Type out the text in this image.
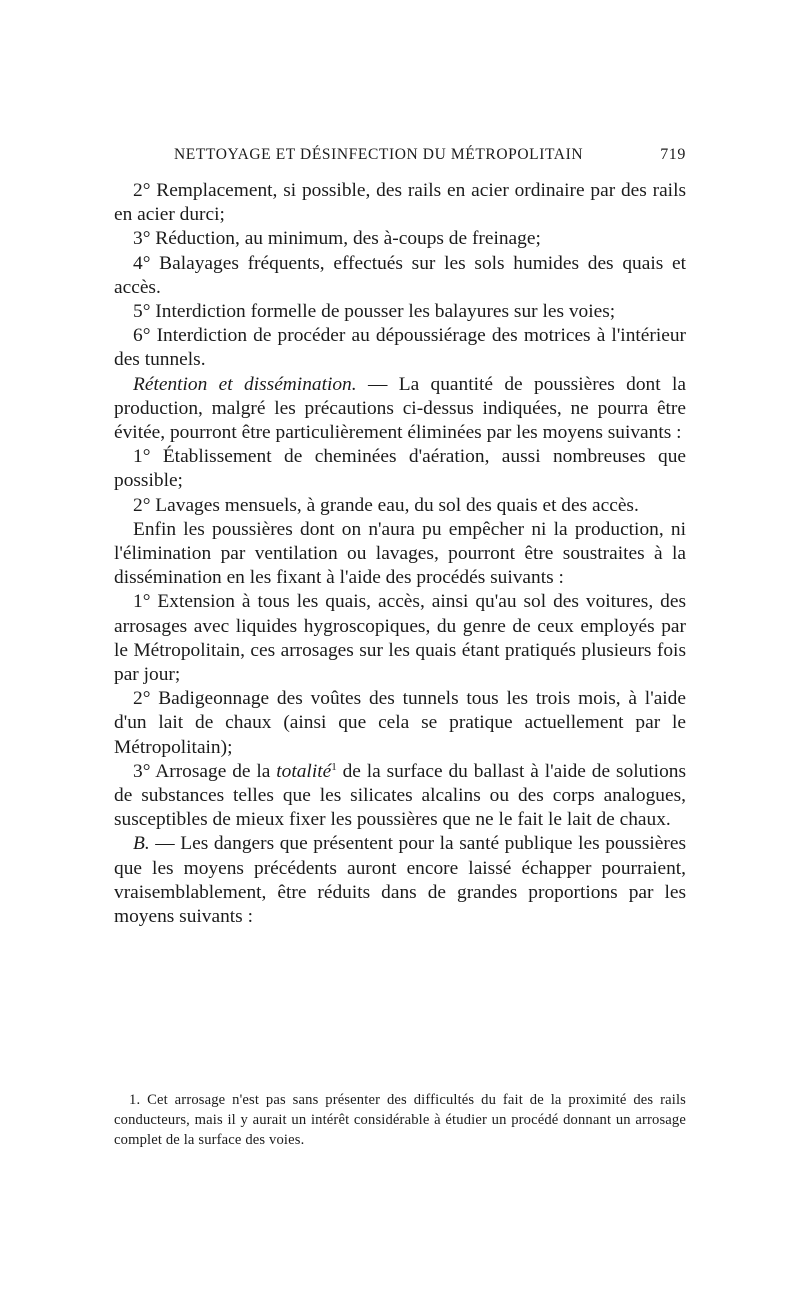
NETTOYAGE ET DÉSINFECTION DU MÉTROPOLITAIN	719

2° Remplacement, si possible, des rails en acier ordinaire par des rails en acier durci;

3° Réduction, au minimum, des à-coups de freinage;

4° Balayages fréquents, effectués sur les sols humides des quais et accès.

5° Interdiction formelle de pousser les balayures sur les voies;

6° Interdiction de procéder au dépoussiérage des motrices à l'intérieur des tunnels.

Rétention et dissémination. — La quantité de poussières dont la production, malgré les précautions ci-dessus indiquées, ne pourra être évitée, pourront être particulièrement éliminées par les moyens suivants :

1° Établissement de cheminées d'aération, aussi nombreuses que possible;

2° Lavages mensuels, à grande eau, du sol des quais et des accès.

Enfin les poussières dont on n'aura pu empêcher ni la production, ni l'élimination par ventilation ou lavages, pourront être soustraites à la dissémination en les fixant à l'aide des procédés suivants :

1° Extension à tous les quais, accès, ainsi qu'au sol des voitures, des arrosages avec liquides hygroscopiques, du genre de ceux employés par le Métropolitain, ces arrosages sur les quais étant pratiqués plusieurs fois par jour;

2° Badigeonnage des voûtes des tunnels tous les trois mois, à l'aide d'un lait de chaux (ainsi que cela se pratique actuellement par le Métropolitain);

3° Arrosage de la totalité$^1$ de la surface du ballast à l'aide de solutions de substances telles que les silicates alcalins ou des corps analogues, susceptibles de mieux fixer les poussières que ne le fait le lait de chaux.

B. — Les dangers que présentent pour la santé publique les poussières que les moyens précédents auront encore laissé échapper pourraient, vraisemblablement, être réduits dans de grandes proportions par les moyens suivants :

1. Cet arrosage n'est pas sans présenter des difficultés du fait de la proximité des rails conducteurs, mais il y aurait un intérêt considérable à étudier un procédé donnant un arrosage complet de la surface des voies.
